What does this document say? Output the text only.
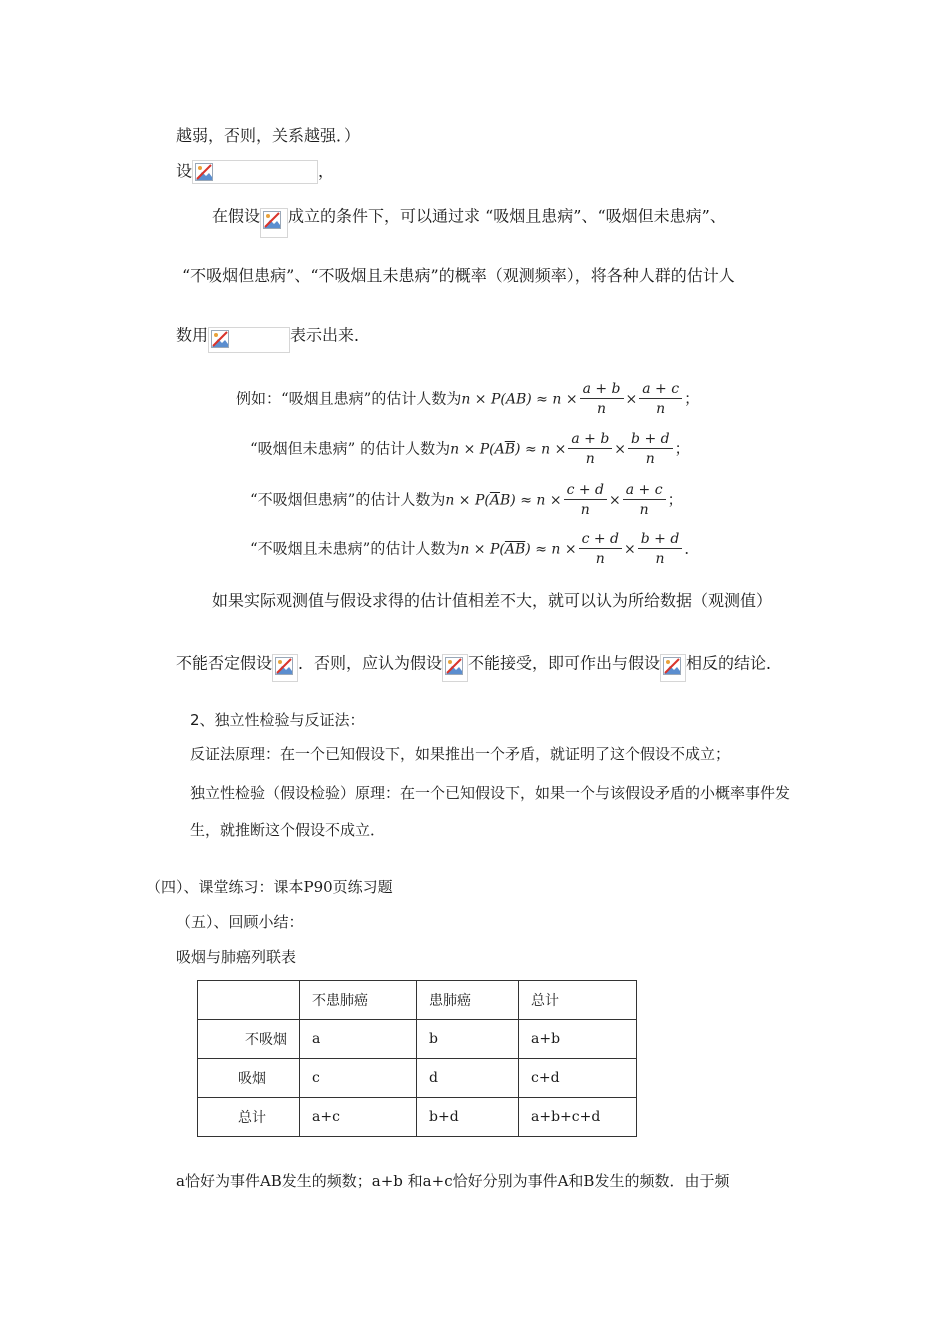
越弱，否则，关系越强．）
设	，
在假设 成立的条件下，可以通过求 “吸烟且患病”、“吸烟但未患病”、
“不吸烟但患病”、“不吸烟且未患病”的概率（观测频率），将各种人群的估计人
数用	表示出来．
例如：“吸烟且患病”的估计人数为$n \times P(AB) \approx n \times \frac{a + b}{n} \times \frac{a + c}{n}$ ；
“吸烟但未患病” 的估计人数为$n \times P(A\overline{B}) \approx n \times \frac{a + b}{n} \times \frac{b + d}{n}$ ；
“不吸烟但患病”的估计人数为$n \times P(\overline{A}B) \approx n \times \frac{c + d}{n} \times \frac{a + c}{n}$ ；
“不吸烟且未患病”的估计人数为$n \times P(\overline{AB}) \approx n \times \frac{c + d}{n} \times \frac{b + d}{n}$ ．
如果实际观测值与假设求得的估计值相差不大，就可以认为所给数据（观测值）
不能否定假设 ．否则，应认为假设 不能接受，即可作出与假设 相反的结论．
2、独立性检验与反证法：
反证法原理：在一个已知假设下，如果推出一个矛盾，就证明了这个假设不成立；
独立性检验（假设检验）原理：在一个已知假设下，如果一个与该假设矛盾的小概率事件发
生，就推断这个假设不成立．
（四）、课堂练习：课本P90页练习题
（五）、回顾小结：
吸烟与肺癌列联表
	不患肺癌	患肺癌	总计
不吸烟	a	b	a+b
吸烟	c	d	c+d
总计	a+c	b+d	a+b+c+d
a恰好为事件AB发生的频数；a+b 和a+c恰好分别为事件A和B发生的频数．由于频
